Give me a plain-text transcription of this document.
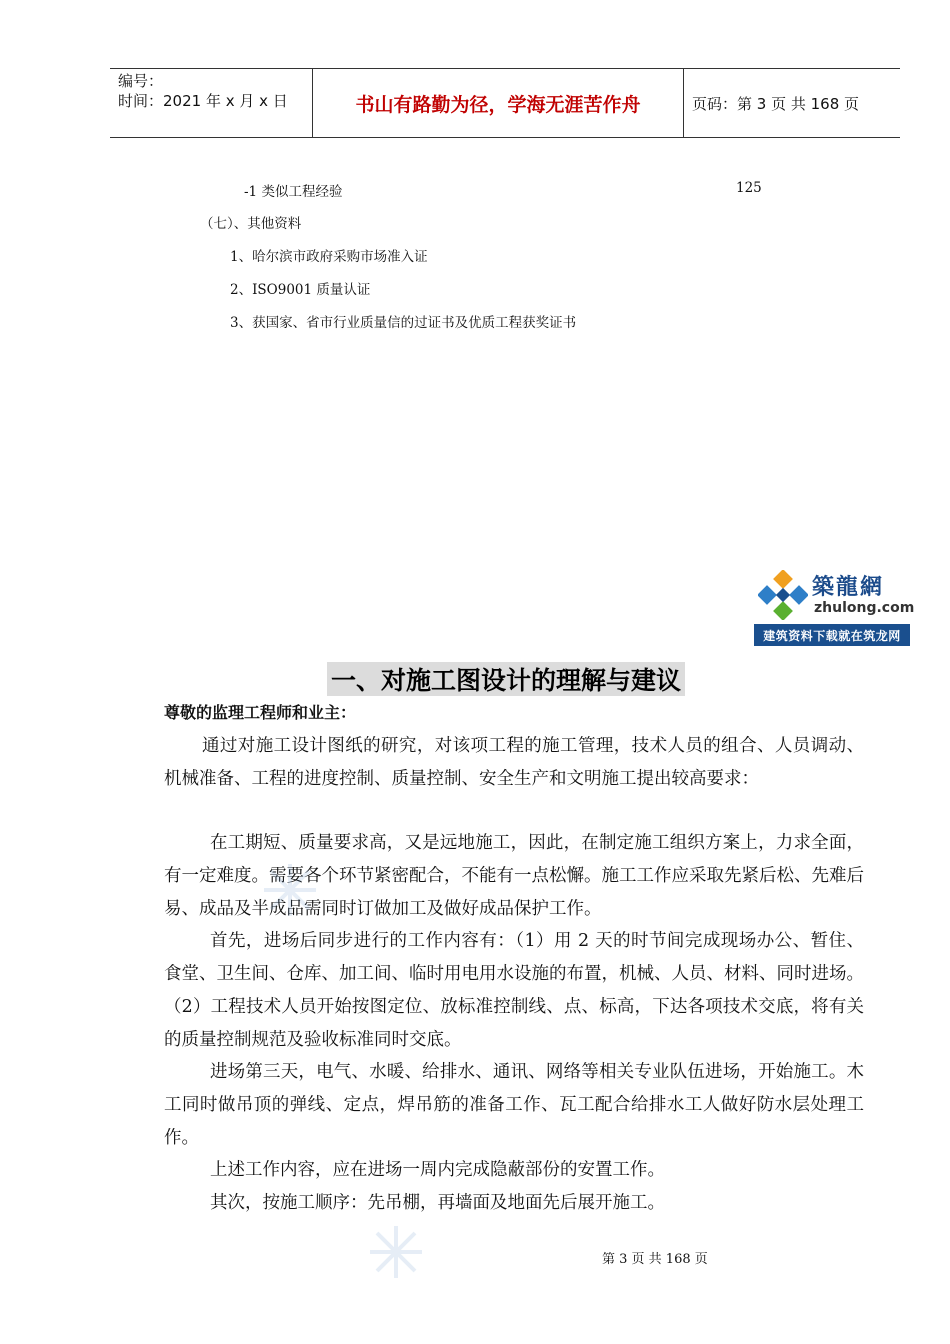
编号：
时间：2021 年 x 月 x 日	书山有路勤为径，学海无涯苦作舟	页码：第 3 页 共 168 页
-1 类似工程经验	125
（七）、其他资料
1、哈尔滨市政府采购市场准入证
2、ISO9001 质量认证
3、获国家、省市行业质量信的过证书及优质工程获奖证书
築龍網
zhulong.com
建筑资料下载就在筑龙网
一、对施工图设计的理解与建议
尊敬的监理工程师和业主：
通过对施工设计图纸的研究，对该项工程的施工管理，技术人员的组合、人员调动、机械准备、工程的进度控制、质量控制、安全生产和文明施工提出较高要求：
在工期短、质量要求高，又是远地施工，因此，在制定施工组织方案上，力求全面，有一定难度。需要各个环节紧密配合，不能有一点松懈。施工工作应采取先紧后松、先难后易、成品及半成品需同时订做加工及做好成品保护工作。
首先，进场后同步进行的工作内容有：（1）用 2 天的时节间完成现场办公、暂住、食堂、卫生间、仓库、加工间、临时用电用水设施的布置，机械、人员、材料、同时进场。（2）工程技术人员开始按图定位、放标准控制线、点、标高，下达各项技术交底，将有关的质量控制规范及验收标准同时交底。
进场第三天，电气、水暖、给排水、通讯、网络等相关专业队伍进场，开始施工。木工同时做吊顶的弹线、定点，焊吊筋的准备工作、瓦工配合给排水工人做好防水层处理工作。
上述工作内容，应在进场一周内完成隐蔽部份的安置工作。
其次，按施工顺序：先吊棚，再墙面及地面先后展开施工。
第 3 页 共 168 页
